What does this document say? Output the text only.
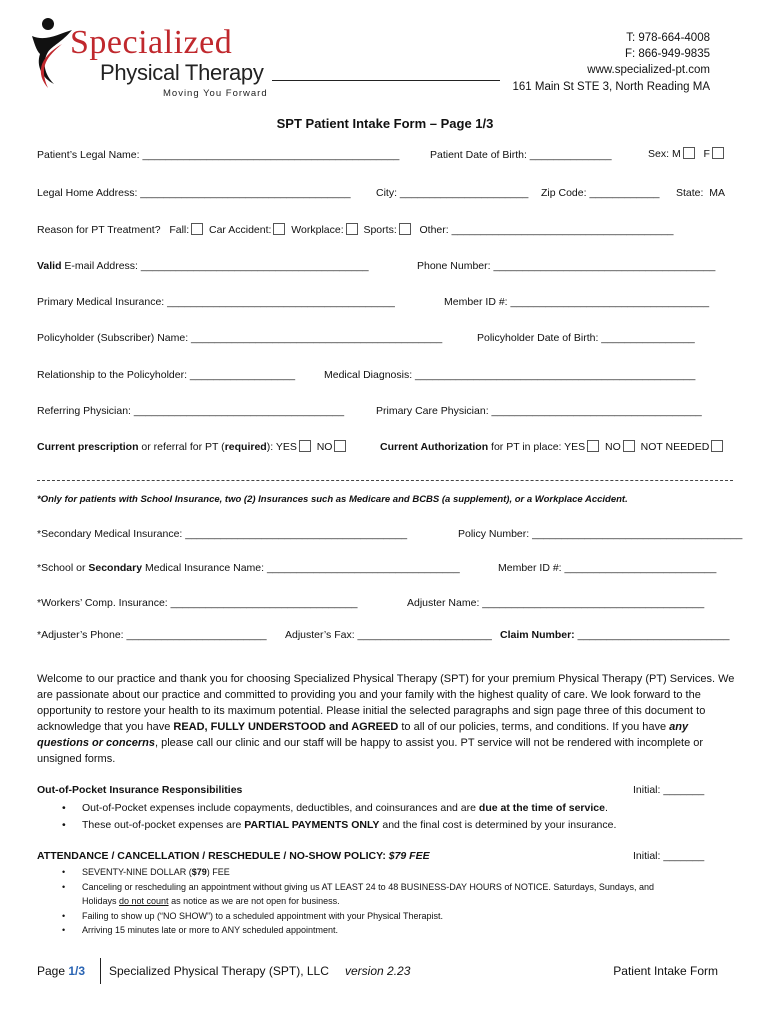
Specialized
Physical Therapy
Moving You Forward
T: 978-664-4008
F: 866-949-9835
www.specialized-pt.com
161 Main St STE 3, North Reading MA
SPT Patient Intake Form – Page 1/3
Patient’s Legal Name: ____________________________________________	Patient Date of Birth: ______________	Sex: M F
Legal Home Address: ____________________________________ City: ______________________ Zip Code: ____________ State: MA
Reason for PT Treatment? Fall: Car Accident: Workplace: Sports: Other: ______________________________________
Valid E-mail Address: _______________________________________	Phone Number: ______________________________________
Primary Medical Insurance: _______________________________________	Member ID #: __________________________________
Policyholder (Subscriber) Name: ___________________________________________	Policyholder Date of Birth: ________________
Relationship to the Policyholder: __________________	Medical Diagnosis: ________________________________________________
Referring Physician: ____________________________________	Primary Care Physician: ____________________________________
Current prescription or referral for PT (required): YES NO	Current Authorization for PT in place: YES NO NOT NEEDED
*Only for patients with School Insurance, two (2) Insurances such as Medicare and BCBS (a supplement), or a Workplace Accident.
*Secondary Medical Insurance: ______________________________________	Policy Number: ____________________________________
*School or Secondary Medical Insurance Name: _________________________________	Member ID #: __________________________
*Workers’ Comp. Insurance: ________________________________	Adjuster Name: ______________________________________
*Adjuster’s Phone: ________________________ Adjuster’s Fax: _______________________ Claim Number: __________________________
Welcome to our practice and thank you for choosing Specialized Physical Therapy (SPT) for your premium Physical Therapy (PT) Services. We are passionate about our practice and committed to providing you and your family with the highest quality of care. We look forward to the opportunity to restore your health to its maximum potential. Please initial the selected paragraphs and sign page three of this document to acknowledge that you have READ, FULLY UNDERSTOOD and AGREED to all of our policies, terms, and conditions. If you have any questions or concerns, please call our clinic and our staff will be happy to assist you. PT service will not be rendered with incomplete or unsigned forms.
Out-of-Pocket Insurance Responsibilities	Initial: _______
• Out-of-Pocket expenses include copayments, deductibles, and coinsurances and are due at the time of service.
• These out-of-pocket expenses are PARTIAL PAYMENTS ONLY and the final cost is determined by your insurance.
ATTENDANCE / CANCELLATION / RESCHEDULE / NO-SHOW POLICY: $79 FEE	Initial: _______
• SEVENTY-NINE DOLLAR ($79) FEE
• Canceling or rescheduling an appointment without giving us AT LEAST 24 to 48 BUSINESS-DAY HOURS of NOTICE. Saturdays, Sundays, and
Holidays do not count as notice as we are not open for business.
• Failing to show up (“NO SHOW”) to a scheduled appointment with your Physical Therapist.
• Arriving 15 minutes late or more to ANY scheduled appointment.
Page 1/3 Specialized Physical Therapy (SPT), LLC version 2.23	Patient Intake Form
